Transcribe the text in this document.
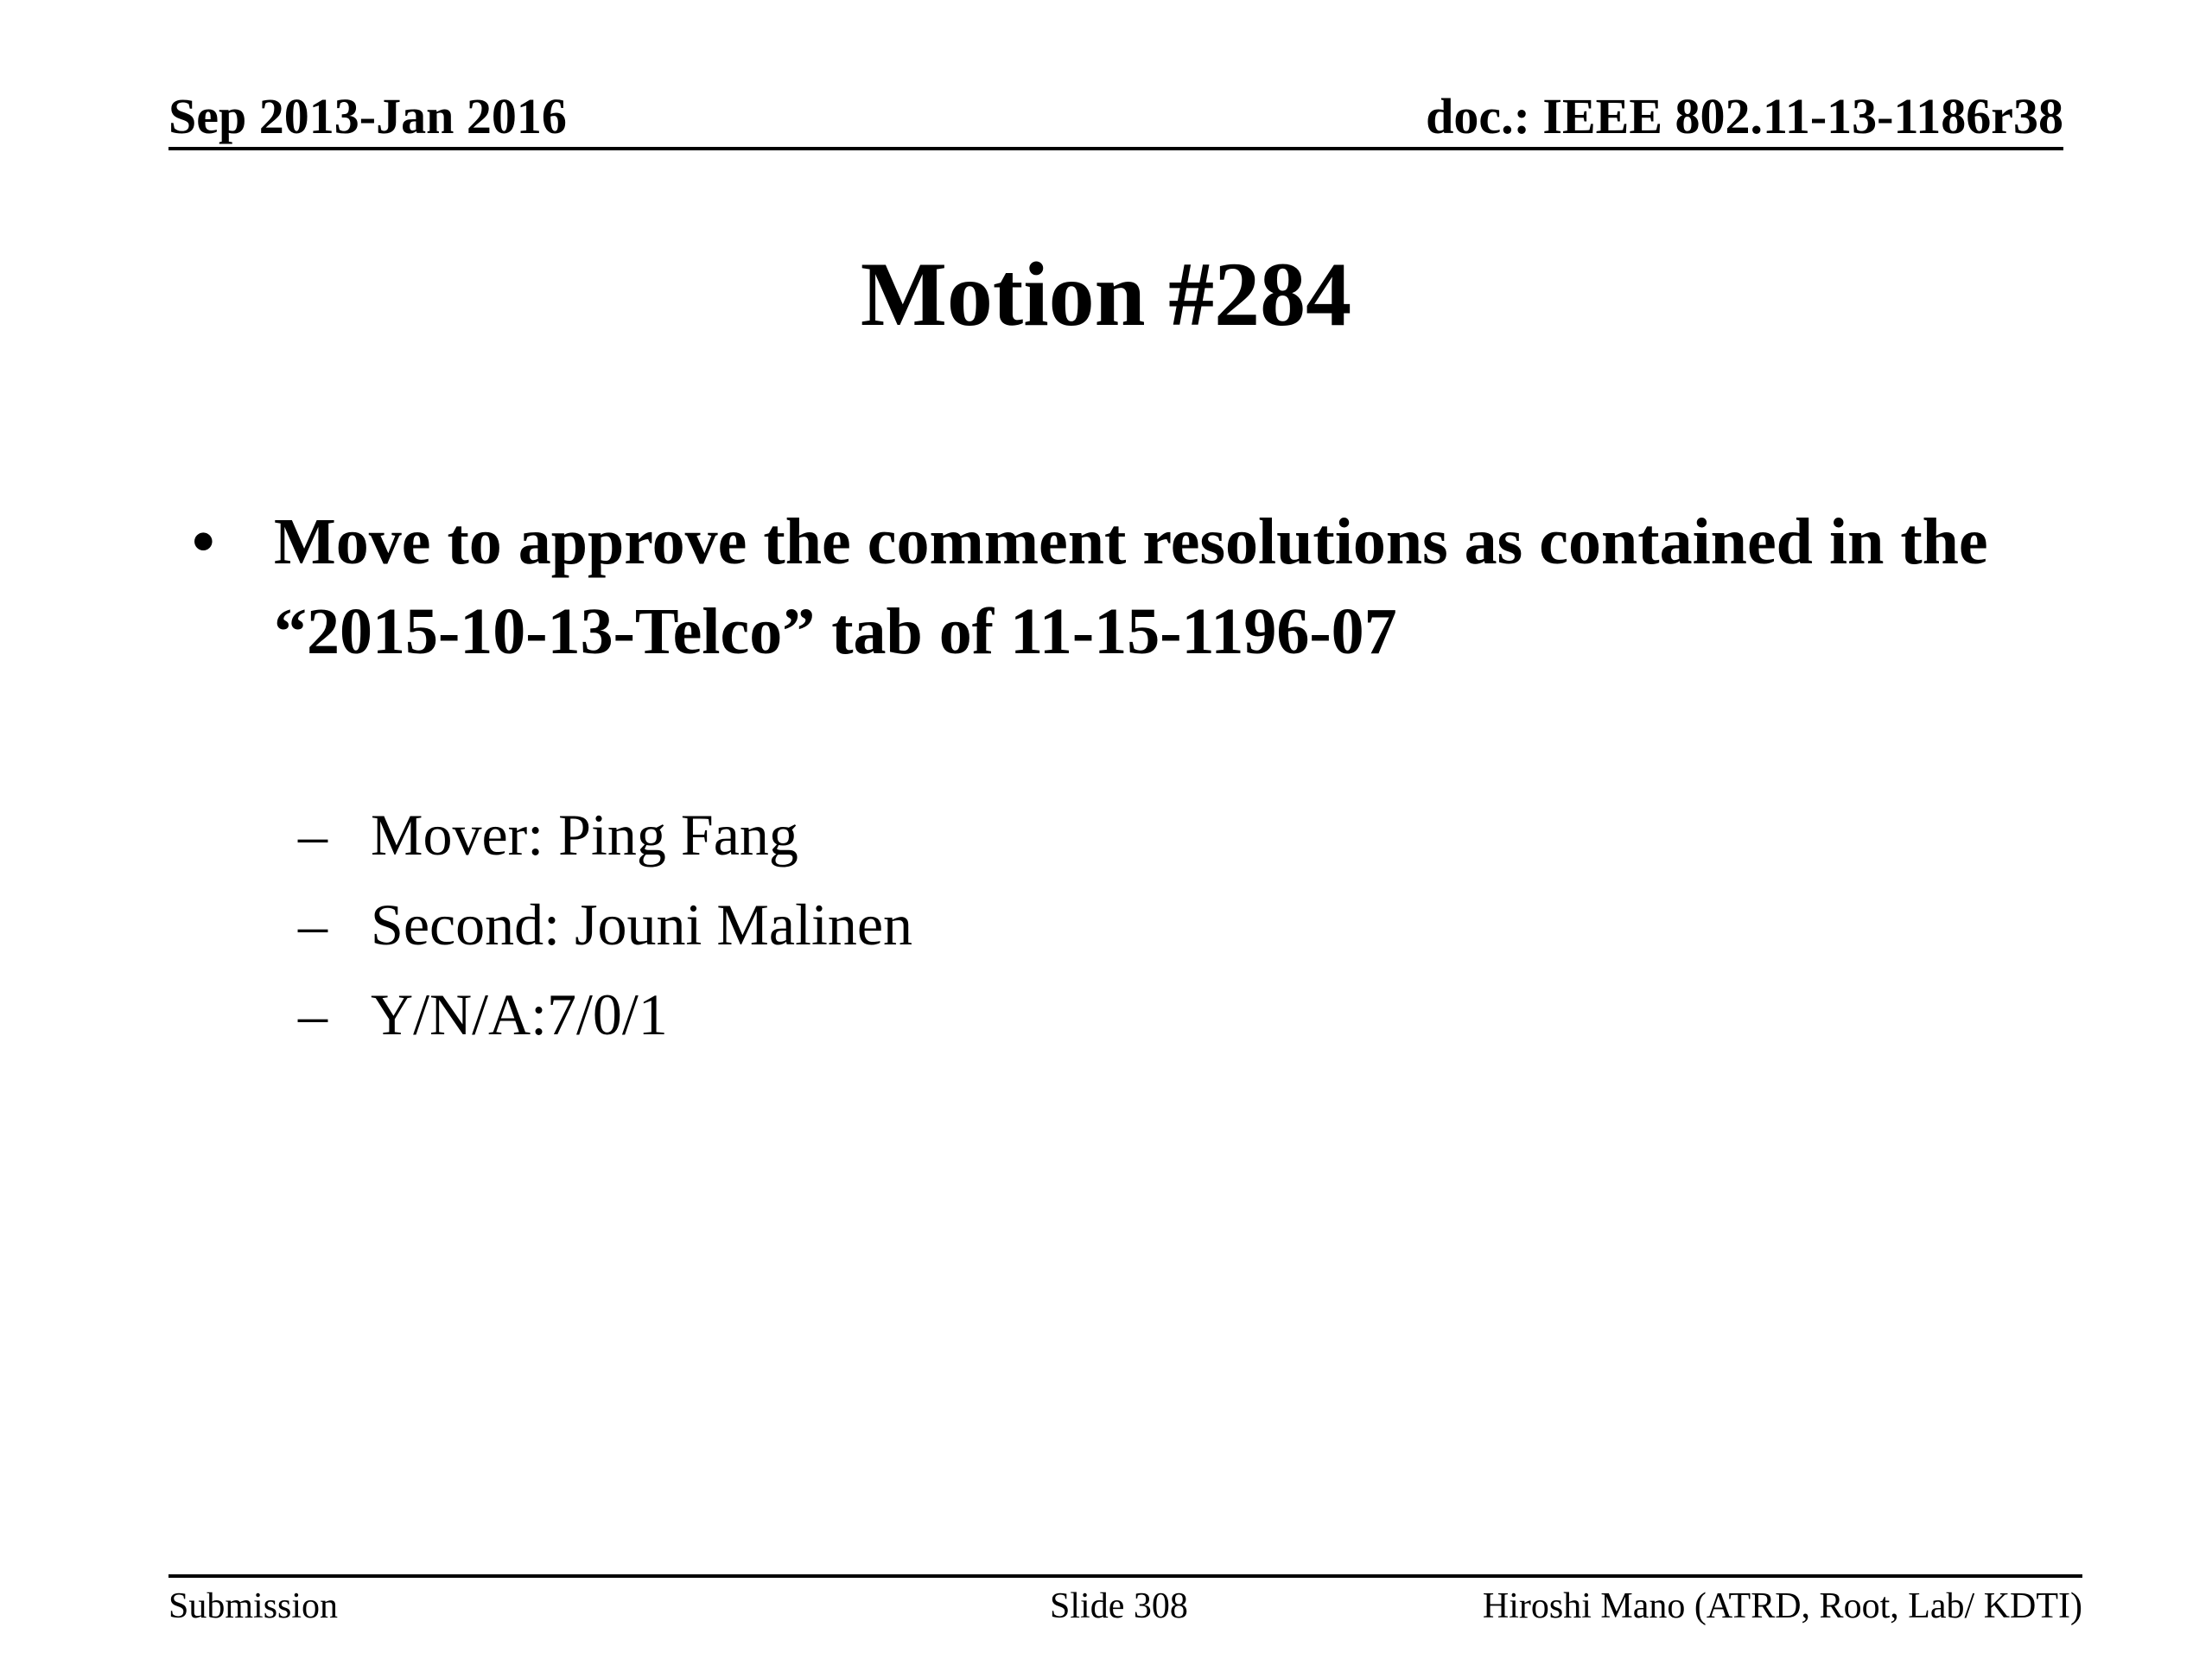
Sep 2013-Jan 2016	doc.: IEEE 802.11-13-1186r38
Motion #284
• Move to approve the comment resolutions as contained in the “2015-10-13-Telco” tab of 11-15-1196-07
– Mover: Ping Fang
– Second: Jouni Malinen
– Y/N/A:7/0/1
Submission	Slide 308	Hiroshi Mano (ATRD, Root, Lab/ KDTI)
